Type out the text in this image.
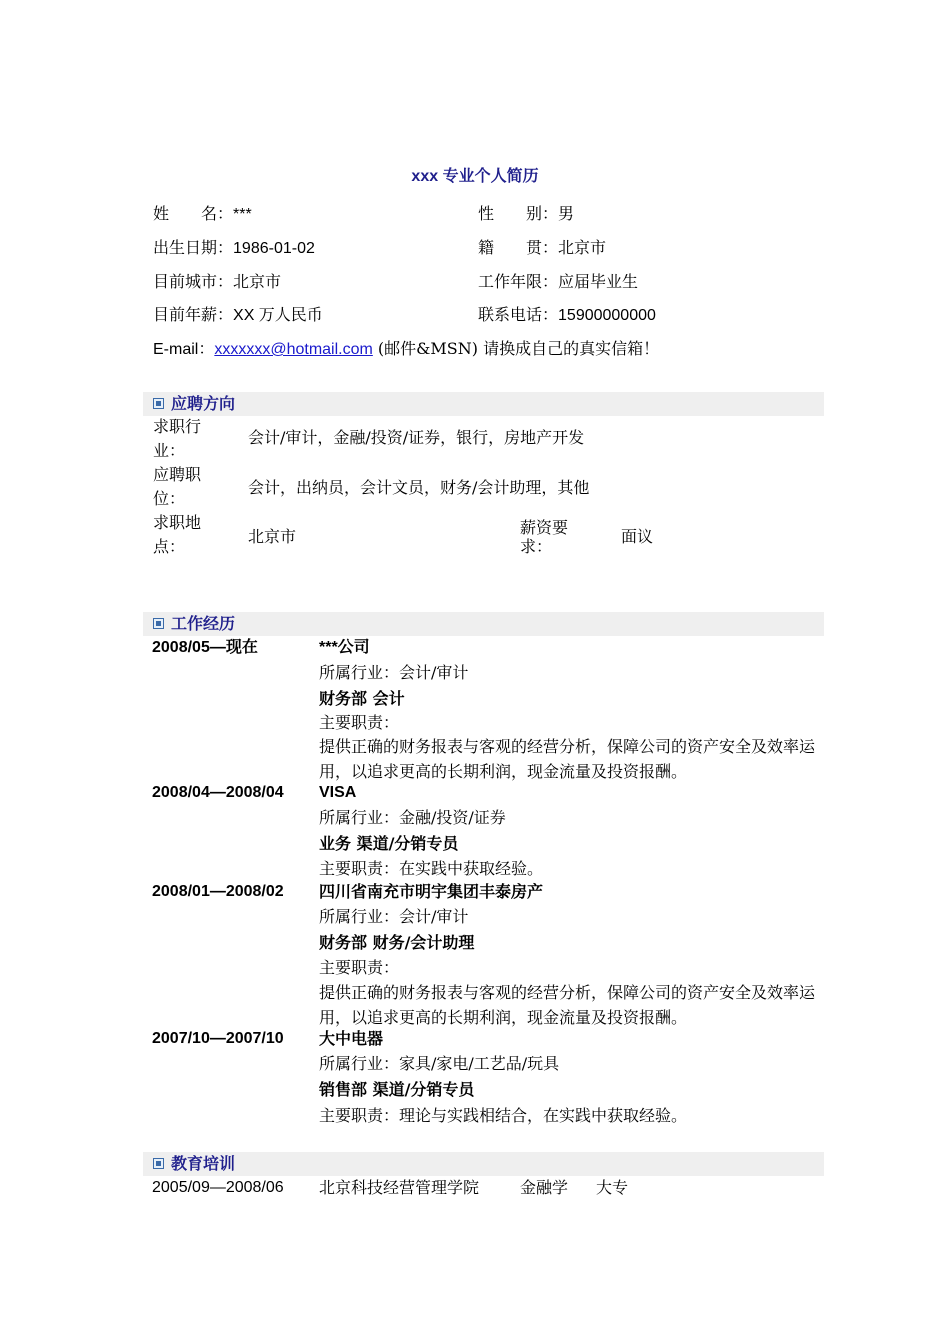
xxx 专业个人简历
姓　　名：***	性　　别：男
出生日期：1986-01-02	籍　　贯：北京市
目前城市：北京市	工作年限：应届毕业生
目前年薪：XX 万人民币	联系电话：15900000000
E-mail：xxxxxxx@hotmail.com (邮件&MSN) 请换成自己的真实信箱！
应聘方向
求职行业：
会计/审计，金融/投资/证券，银行，房地产开发
应聘职位：
会计，出纳员，会计文员，财务/会计助理，其他
求职地点：
北京市	薪资要求：
面议
工作经历
2008/05—现在	***公司
所属行业：会计/审计
财务部 会计
主要职责：
提供正确的财务报表与客观的经营分析，保障公司的资产安全及效率运用，以追求更高的长期利润，现金流量及投资报酬。
2008/04—2008/04 VISA
所属行业：金融/投资/证券
业务 渠道/分销专员
主要职责：在实践中获取经验。
2008/01—2008/02 四川省南充市明宇集团丰泰房产
所属行业：会计/审计
财务部 财务/会计助理
主要职责：
提供正确的财务报表与客观的经营分析，保障公司的资产安全及效率运用，以追求更高的长期利润，现金流量及投资报酬。
2007/10—2007/10 大中电器
所属行业：家具/家电/工艺品/玩具
销售部 渠道/分销专员
主要职责：理论与实践相结合，在实践中获取经验。
教育培训
2005/09—2008/06 北京科技经营管理学院	金融学 大专
